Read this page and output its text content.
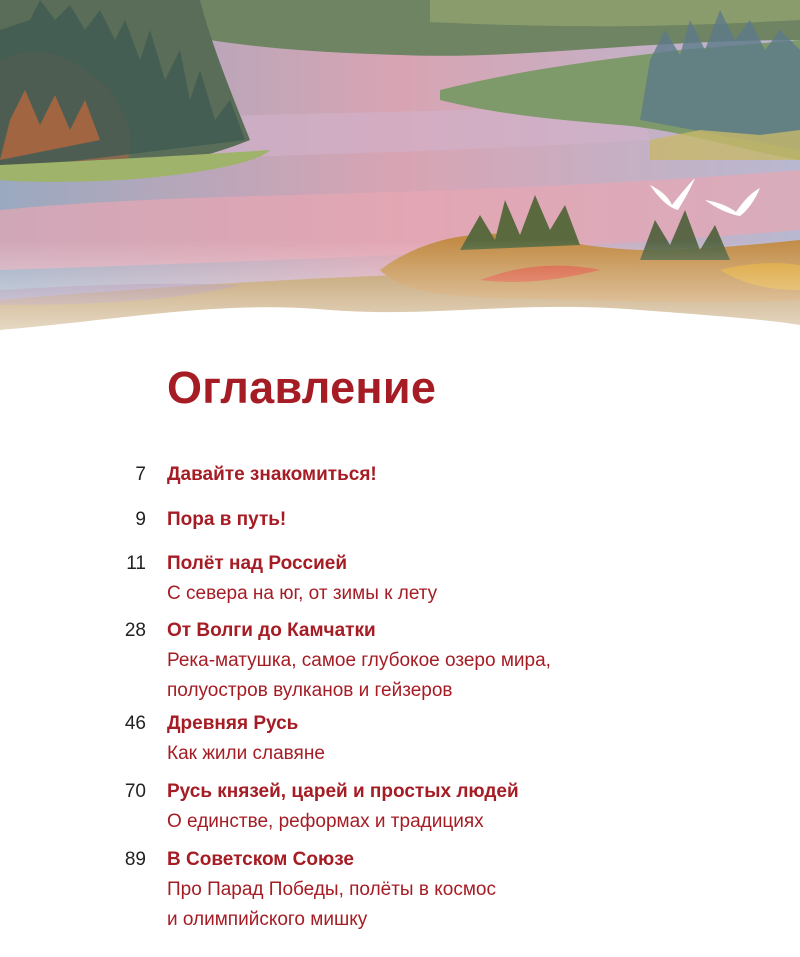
Оглавление
7 Давайте знакомиться!
9 Пора в путь!
11 Полёт над Россией
С севера на юг, от зимы к лету
28 От Волги до Камчатки
Река-матушка, самое глубокое озеро мира,
полуостров вулканов и гейзеров
46 Древняя Русь
Как жили славяне
70 Русь князей, царей и простых людей
О единстве, реформах и традициях
89 В Советском Союзе
Про Парад Победы, полёты в космос
и олимпийского мишку
